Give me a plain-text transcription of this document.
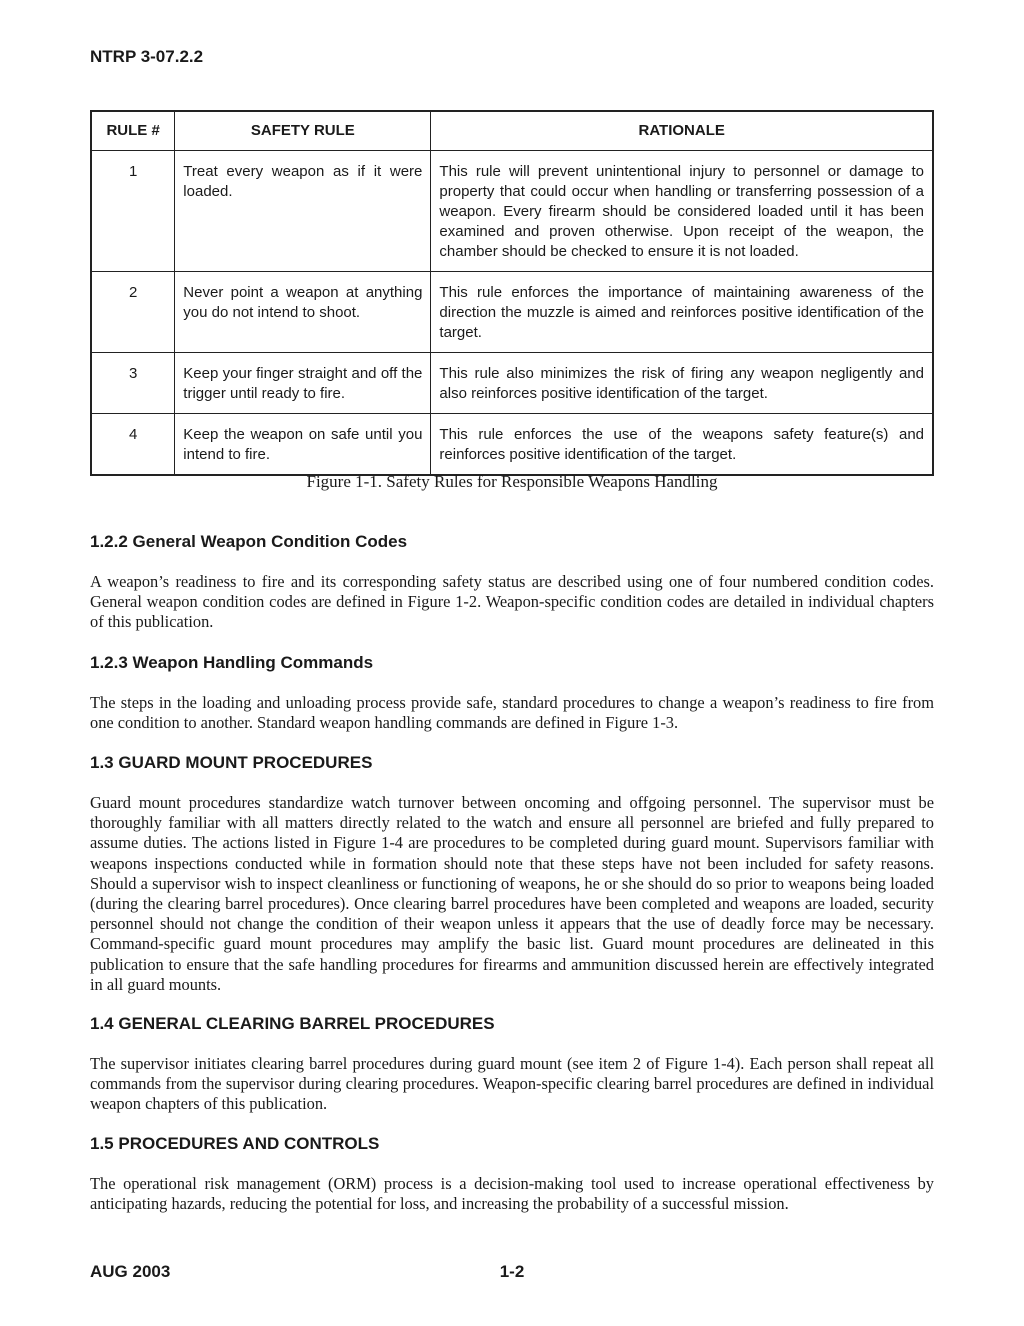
NTRP 3-07.2.2
RULE #	SAFETY RULE	RATIONALE
1	Treat every weapon as if it were loaded.	This rule will prevent unintentional injury to personnel or damage to property that could occur when handling or transferring possession of a weapon. Every firearm should be considered loaded until it has been examined and proven otherwise. Upon receipt of the weapon, the chamber should be checked to ensure it is not loaded.
2	Never point a weapon at anything you do not intend to shoot.	This rule enforces the importance of maintaining awareness of the direction the muzzle is aimed and reinforces positive identification of the target.
3	Keep your finger straight and off the trigger until ready to fire.	This rule also minimizes the risk of firing any weapon negligently and also reinforces positive identification of the target.
4	Keep the weapon on safe until you intend to fire.	This rule enforces the use of the weapons safety feature(s) and reinforces positive identification of the target.
Figure 1-1. Safety Rules for Responsible Weapons Handling
1.2.2 General Weapon Condition Codes

A weapon’s readiness to fire and its corresponding safety status are described using one of four numbered condition codes. General weapon condition codes are defined in Figure 1-2. Weapon-specific condition codes are detailed in individual chapters of this publication.

1.2.3 Weapon Handling Commands

The steps in the loading and unloading process provide safe, standard procedures to change a weapon’s readiness to fire from one condition to another. Standard weapon handling commands are defined in Figure 1-3.

1.3 GUARD MOUNT PROCEDURES

Guard mount procedures standardize watch turnover between oncoming and offgoing personnel. The supervisor must be thoroughly familiar with all matters directly related to the watch and ensure all personnel are briefed and fully prepared to assume duties. The actions listed in Figure 1-4 are procedures to be completed during guard mount. Supervisors familiar with weapons inspections conducted while in formation should note that these steps have not been included for safety reasons. Should a supervisor wish to inspect cleanliness or functioning of weapons, he or she should do so prior to weapons being loaded (during the clearing barrel procedures). Once clearing barrel procedures have been completed and weapons are loaded, security personnel should not change the condition of their weapon unless it appears that the use of deadly force may be necessary. Command-specific guard mount procedures may amplify the basic list. Guard mount procedures are delineated in this publication to ensure that the safe handling procedures for firearms and ammunition discussed herein are effectively integrated in all guard mounts.

1.4 GENERAL CLEARING BARREL PROCEDURES

The supervisor initiates clearing barrel procedures during guard mount (see item 2 of Figure 1-4). Each person shall repeat all commands from the supervisor during clearing procedures. Weapon-specific clearing barrel procedures are defined in individual weapon chapters of this publication.

1.5 PROCEDURES AND CONTROLS

The operational risk management (ORM) process is a decision-making tool used to increase operational effectiveness by anticipating hazards, reducing the potential for loss, and increasing the probability of a successful mission.

AUG 2003	1-2
